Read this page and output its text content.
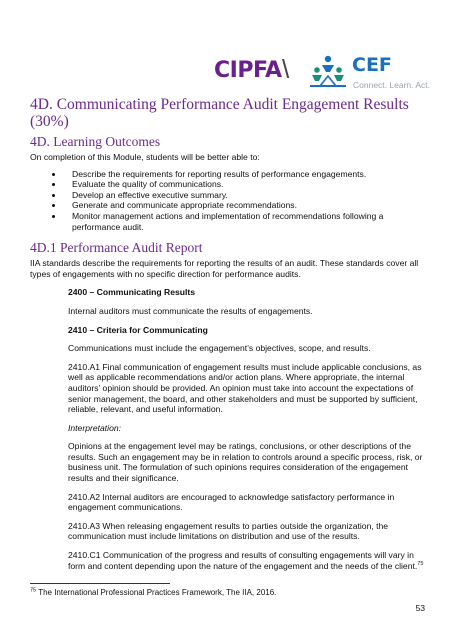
CIPFA \	CEF
Connect. Learn. Act.
4D. Communicating Performance Audit Engagement Results (30%)
4D. Learning Outcomes

On completion of this Module, students will be better able to:

• Describe the requirements for reporting results of performance engagements.
• Evaluate the quality of communications.
• Develop an effective executive summary.
• Generate and communicate appropriate recommendations.
• Monitor management actions and implementation of recommendations following a performance audit.
4D.1 Performance Audit Report

IIA standards describe the requirements for reporting the results of an audit. These standards cover all types of engagements with no specific direction for performance audits.

2400 – Communicating Results

Internal auditors must communicate the results of engagements.

2410 – Criteria for Communicating

Communications must include the engagement’s objectives, scope, and results.

2410.A1 Final communication of engagement results must include applicable conclusions, as well as applicable recommendations and/or action plans. Where appropriate, the internal auditors’ opinion should be provided. An opinion must take into account the expectations of senior management, the board, and other stakeholders and must be supported by sufficient, reliable, relevant, and useful information.

Interpretation:

Opinions at the engagement level may be ratings, conclusions, or other descriptions of the results. Such an engagement may be in relation to controls around a specific process, risk, or business unit. The formulation of such opinions requires consideration of the engagement results and their significance.

2410.A2 Internal auditors are encouraged to acknowledge satisfactory performance in engagement communications.

2410.A3 When releasing engagement results to parties outside the organization, the communication must include limitations on distribution and use of the results.

2410.C1 Communication of the progress and results of consulting engagements will vary in form and content depending upon the nature of the engagement and the needs of the client.$^{75}$

$^{75}$ The International Professional Practices Framework, The IIA, 2016.
53
